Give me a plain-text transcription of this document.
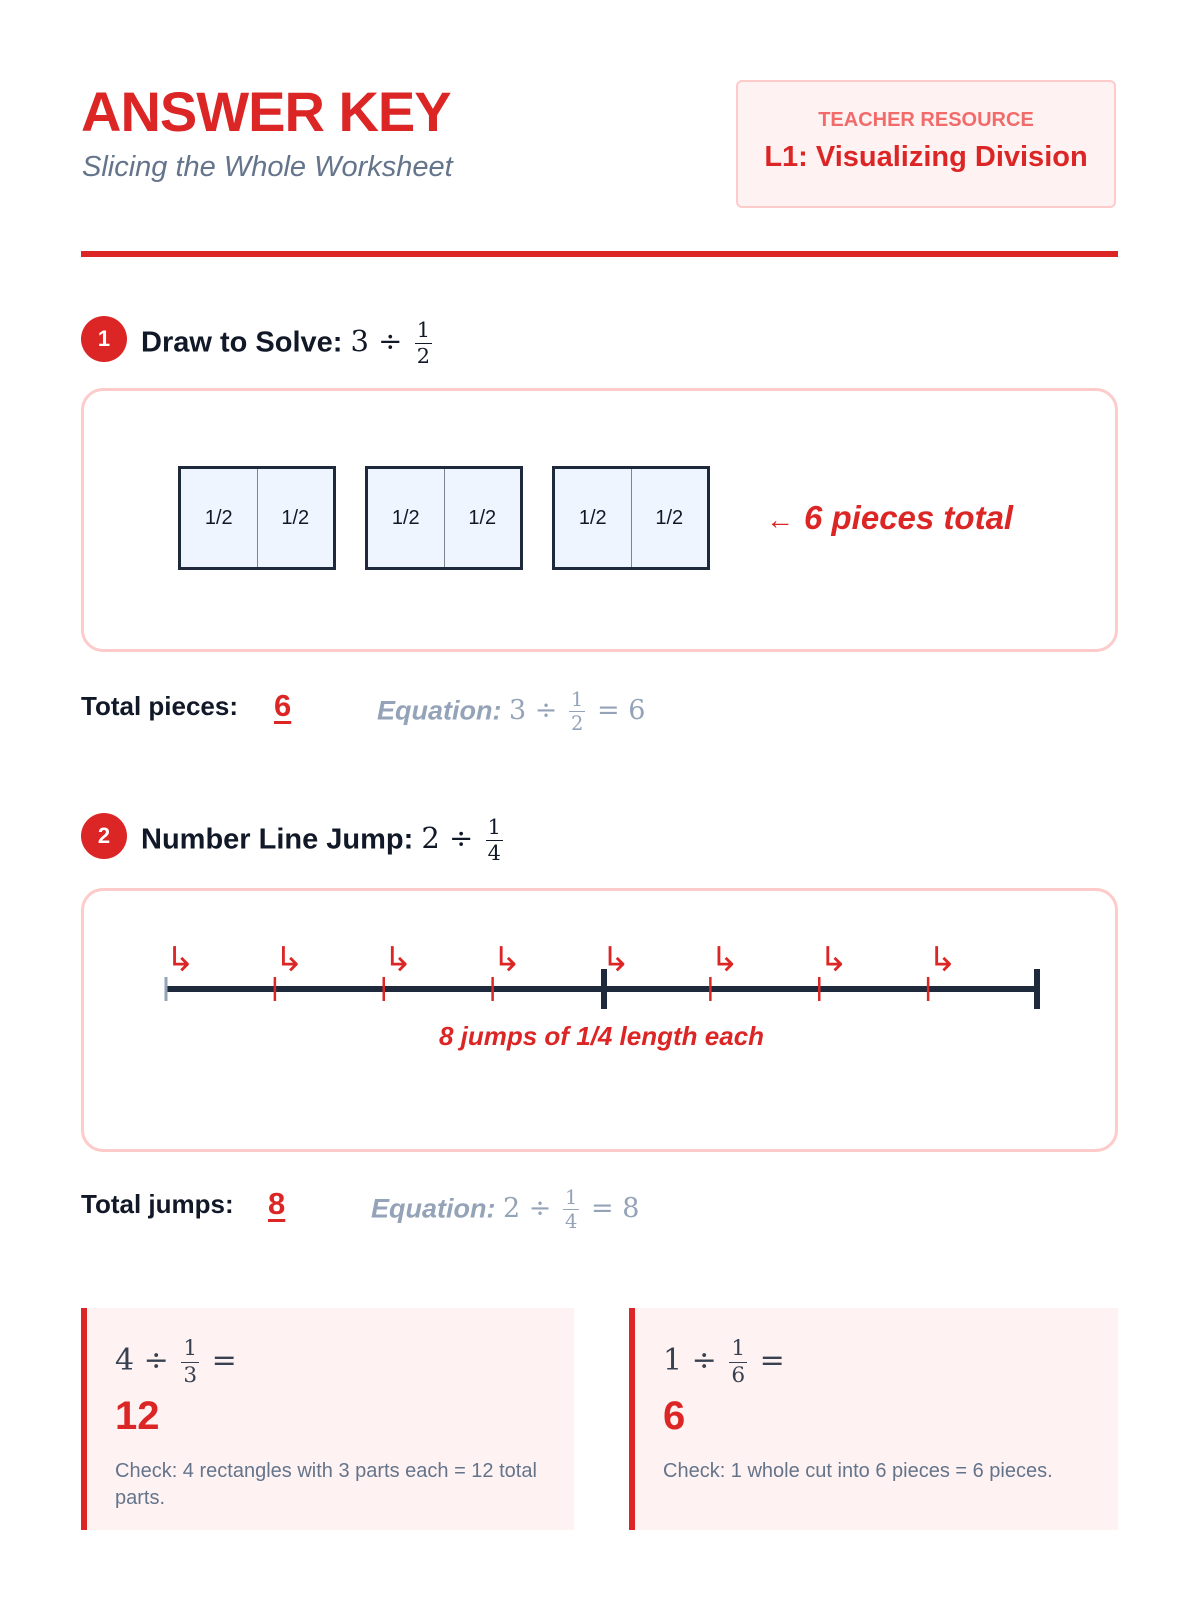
ANSWER KEY
Slicing the Whole Worksheet
TEACHER RESOURCE
L1: Visualizing Division
1	Draw to Solve: $3 \div \frac{1}{2}$
1/2	1/2	1/2	1/2	1/2	1/2	← 6 pieces total
Total pieces: 6	Equation: $3 \div \frac{1}{2} = 6$
2	Number Line Jump: $2 \div \frac{1}{4}$
↳ ↳ ↳ ↳ ↳ ↳ ↳ ↳
8 jumps of 1/4 length each
Total jumps: 8	Equation: $2 \div \frac{1}{4} = 8$
$4 \div \frac{1}{3}$ =
12
Check: 4 rectangles with 3 parts each = 12 total parts.
$1 \div \frac{1}{6}$ =
6
Check: 1 whole cut into 6 pieces = 6 pieces.
